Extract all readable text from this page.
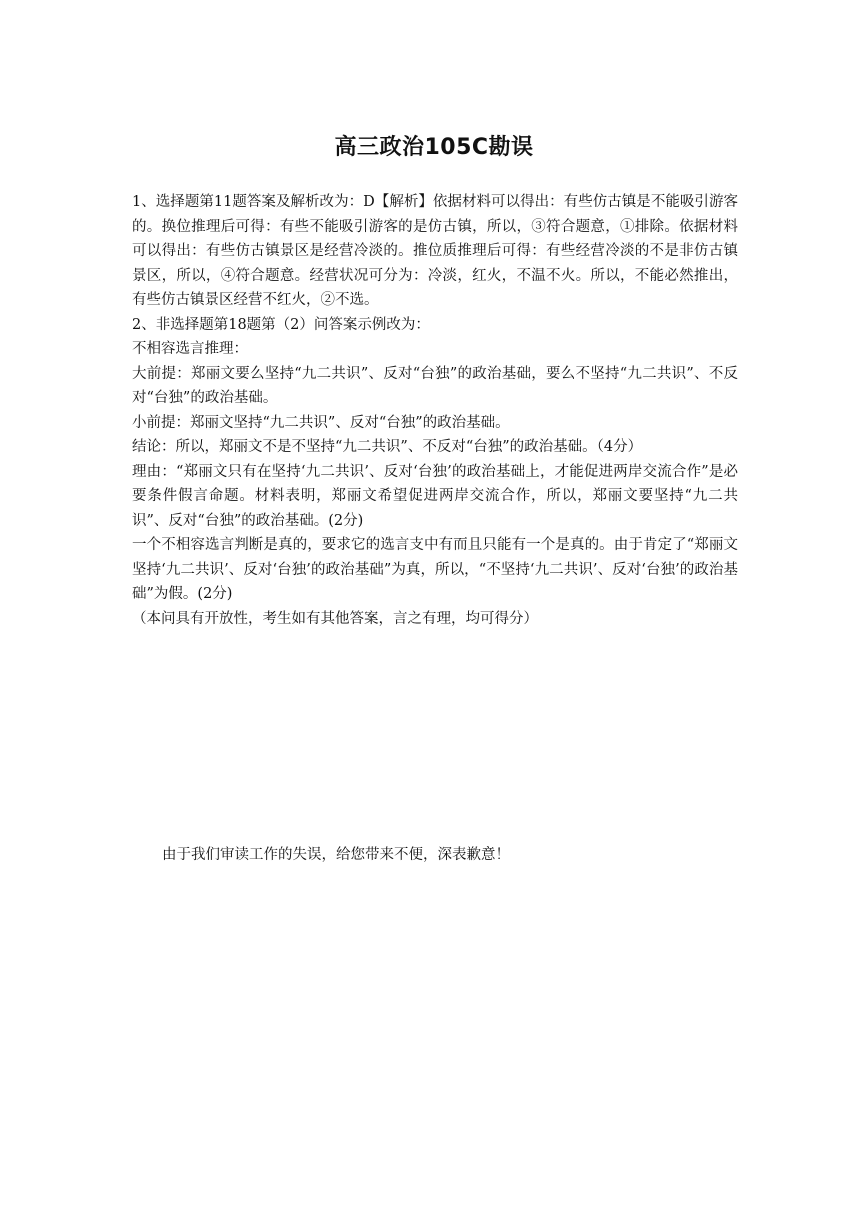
高三政治105C勘误

1、选择题第11题答案及解析改为：D【解析】依据材料可以得出：有些仿古镇是不能吸引游客的。换位推理后可得：有些不能吸引游客的是仿古镇，所以，③符合题意，①排除。依据材料可以得出：有些仿古镇景区是经营冷淡的。推位质推理后可得：有些经营冷淡的不是非仿古镇景区，所以，④符合题意。经营状况可分为：冷淡，红火，不温不火。所以，不能必然推出，有些仿古镇景区经营不红火，②不选。

2、非选择题第18题第（2）问答案示例改为：

不相容选言推理：

大前提：郑丽文要么坚持“九二共识”、反对“台独”的政治基础，要么不坚持“九二共识”、不反对“台独”的政治基础。

小前提：郑丽文坚持“九二共识”、反对“台独”的政治基础。

结论：所以，郑丽文不是不坚持“九二共识”、不反对“台独”的政治基础。（4分）

理由：“郑丽文只有在坚持‘九二共识’、反对‘台独’的政治基础上，才能促进两岸交流合作”是必要条件假言命题。材料表明，郑丽文希望促进两岸交流合作，所以，郑丽文要坚持“九二共识”、反对“台独”的政治基础。(2分)

一个不相容选言判断是真的，要求它的选言支中有而且只能有一个是真的。由于肯定了“郑丽文坚持‘九二共识’、反对‘台独’的政治基础”为真，所以，“不坚持‘九二共识’、反对‘台独’的政治基础”为假。(2分)

（本问具有开放性，考生如有其他答案，言之有理，均可得分）

由于我们审读工作的失误，给您带来不便，深表歉意！
